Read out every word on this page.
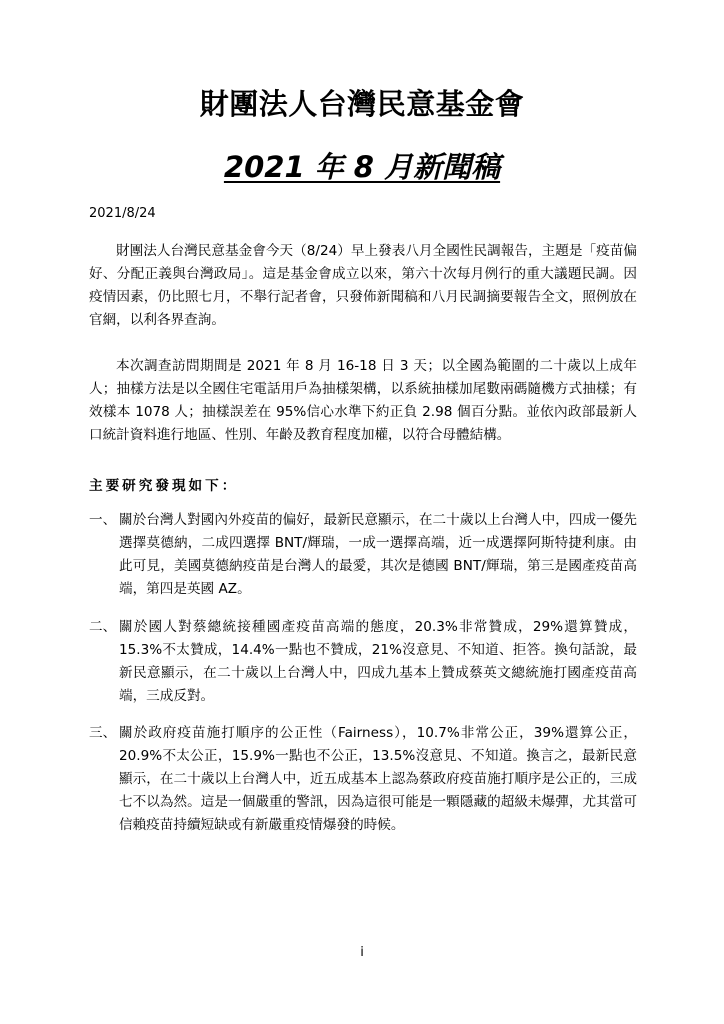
財團法人台灣民意基金會
2021 年 8 月新聞稿
2021/8/24

財團法人台灣民意基金會今天（8/24）早上發表八月全國性民調報告，主題是「疫苗偏好、分配正義與台灣政局」。這是基金會成立以來，第六十次每月例行的重大議題民調。因疫情因素，仍比照七月，不舉行記者會，只發佈新聞稿和八月民調摘要報告全文，照例放在官網，以利各界查詢。

本次調查訪問期間是 2021 年 8 月 16-18 日 3 天；以全國為範圍的二十歲以上成年人；抽樣方法是以全國住宅電話用戶為抽樣架構，以系統抽樣加尾數兩碼隨機方式抽樣；有效樣本 1078 人；抽樣誤差在 95%信心水準下約正負 2.98 個百分點。並依內政部最新人口統計資料進行地區、性別、年齡及教育程度加權，以符合母體結構。

主要研究發現如下：
一、 關於台灣人對國內外疫苗的偏好，最新民意顯示，在二十歲以上台灣人中，四成一優先選擇莫德納，二成四選擇 BNT/輝瑞，一成一選擇高端，近一成選擇阿斯特捷利康。由此可見，美國莫德納疫苗是台灣人的最愛，其次是德國 BNT/輝瑞，第三是國產疫苗高端，第四是英國 AZ。
二、 關於國人對蔡總統接種國產疫苗高端的態度，20.3%非常贊成，29%還算贊成，15.3%不太贊成，14.4%一點也不贊成，21%沒意見、不知道、拒答。換句話說，最新民意顯示，在二十歲以上台灣人中，四成九基本上贊成蔡英文總統施打國產疫苗高端，三成反對。
三、 關於政府疫苗施打順序的公正性（Fairness），10.7%非常公正，39%還算公正，20.9%不太公正，15.9%一點也不公正，13.5%沒意見、不知道。換言之，最新民意顯示，在二十歲以上台灣人中，近五成基本上認為蔡政府疫苗施打順序是公正的，三成七不以為然。這是一個嚴重的警訊，因為這很可能是一顆隱藏的超級未爆彈，尤其當可信賴疫苗持續短缺或有新嚴重疫情爆發的時候。
i
